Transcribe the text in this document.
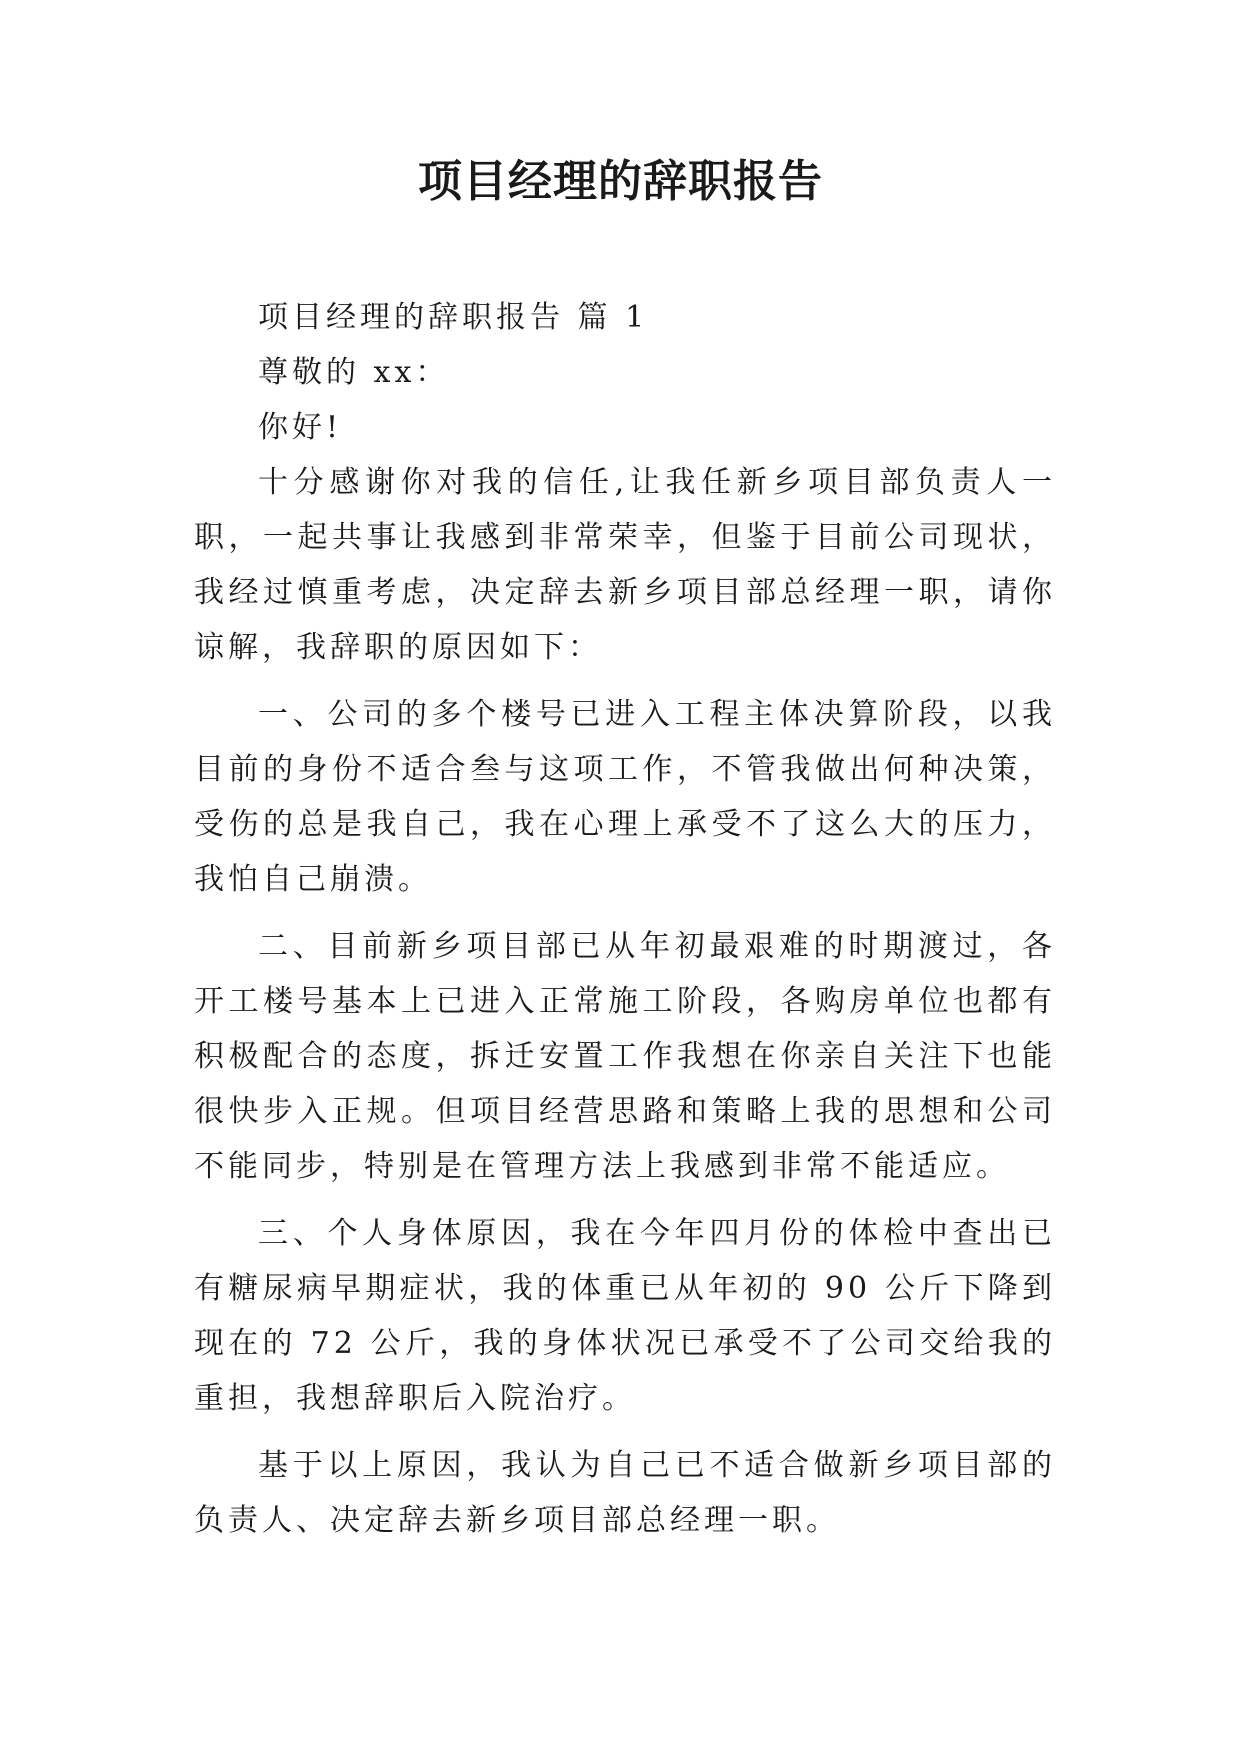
项目经理的辞职报告

项目经理的辞职报告 篇 1

尊敬的 xx：

你好!

十分感谢你对我的信任,让我任新乡项目部负责人一职，一起共事让我感到非常荣幸，但鉴于目前公司现状，我经过慎重考虑，决定辞去新乡项目部总经理一职，请你谅解，我辞职的原因如下：

一、公司的多个楼号已进入工程主体决算阶段，以我目前的身份不适合叁与这项工作，不管我做出何种决策，受伤的总是我自己，我在心理上承受不了这么大的压力，我怕自己崩溃。

二、目前新乡项目部已从年初最艰难的时期渡过，各开工楼号基本上已进入正常施工阶段，各购房单位也都有积极配合的态度，拆迁安置工作我想在你亲自关注下也能很快步入正规。但项目经营思路和策略上我的思想和公司不能同步，特别是在管理方法上我感到非常不能适应。

三、个人身体原因，我在今年四月份的体检中查出已有糖尿病早期症状，我的体重已从年初的 90 公斤下降到现在的 72 公斤，我的身体状况已承受不了公司交给我的重担，我想辞职后入院治疗。

基于以上原因，我认为自己已不适合做新乡项目部的负责人、决定辞去新乡项目部总经理一职。
